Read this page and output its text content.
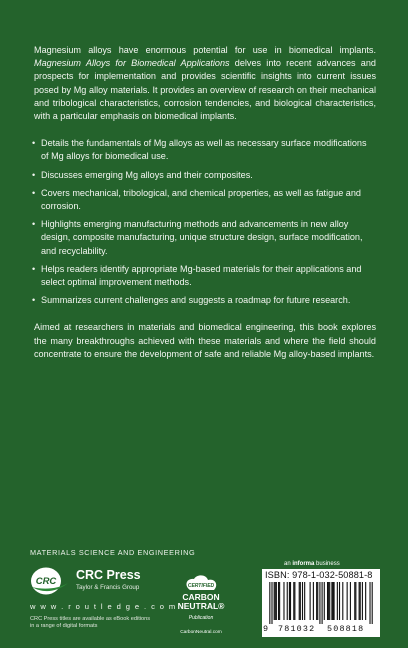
Magnesium alloys have enormous potential for use in biomedical implants. Magnesium Alloys for Biomedical Applications delves into recent advances and prospects for implementation and provides scientific insights into current issues posed by Mg alloy materials. It provides an overview of research on their mechanical and tribological characteristics, corrosion tendencies, and biological characteristics, with a particular emphasis on biomedical implants.

• Details the fundamentals of Mg alloys as well as necessary surface modifications of Mg alloys for biomedical use.
• Discusses emerging Mg alloys and their composites.
• Covers mechanical, tribological, and chemical properties, as well as fatigue and corrosion.
• Highlights emerging manufacturing methods and advancements in new alloy design, composite manufacturing, unique structure design, surface modification, and recyclability.
• Helps readers identify appropriate Mg-based materials for their applications and select optimal improvement methods.
• Summarizes current challenges and suggests a roadmap for future research.

Aimed at researchers in materials and biomedical engineering, this book explores the many breakthroughs achieved with these materials and where the field should concentrate to ensure the development of safe and reliable Mg alloy-based implants.

MATERIALS SCIENCE AND ENGINEERING
CRC CRC Press
Taylor & Francis Group
w w w . r o u t l e d g e . c o m
CRC Press titles are available as eBook editions in a range of digital formats
CERTIFIED
CARBON
NEUTRAL®
Publication
CarbonNeutral.com
an informa business
ISBN: 978-1-032-50881-8
9 781032 508818
